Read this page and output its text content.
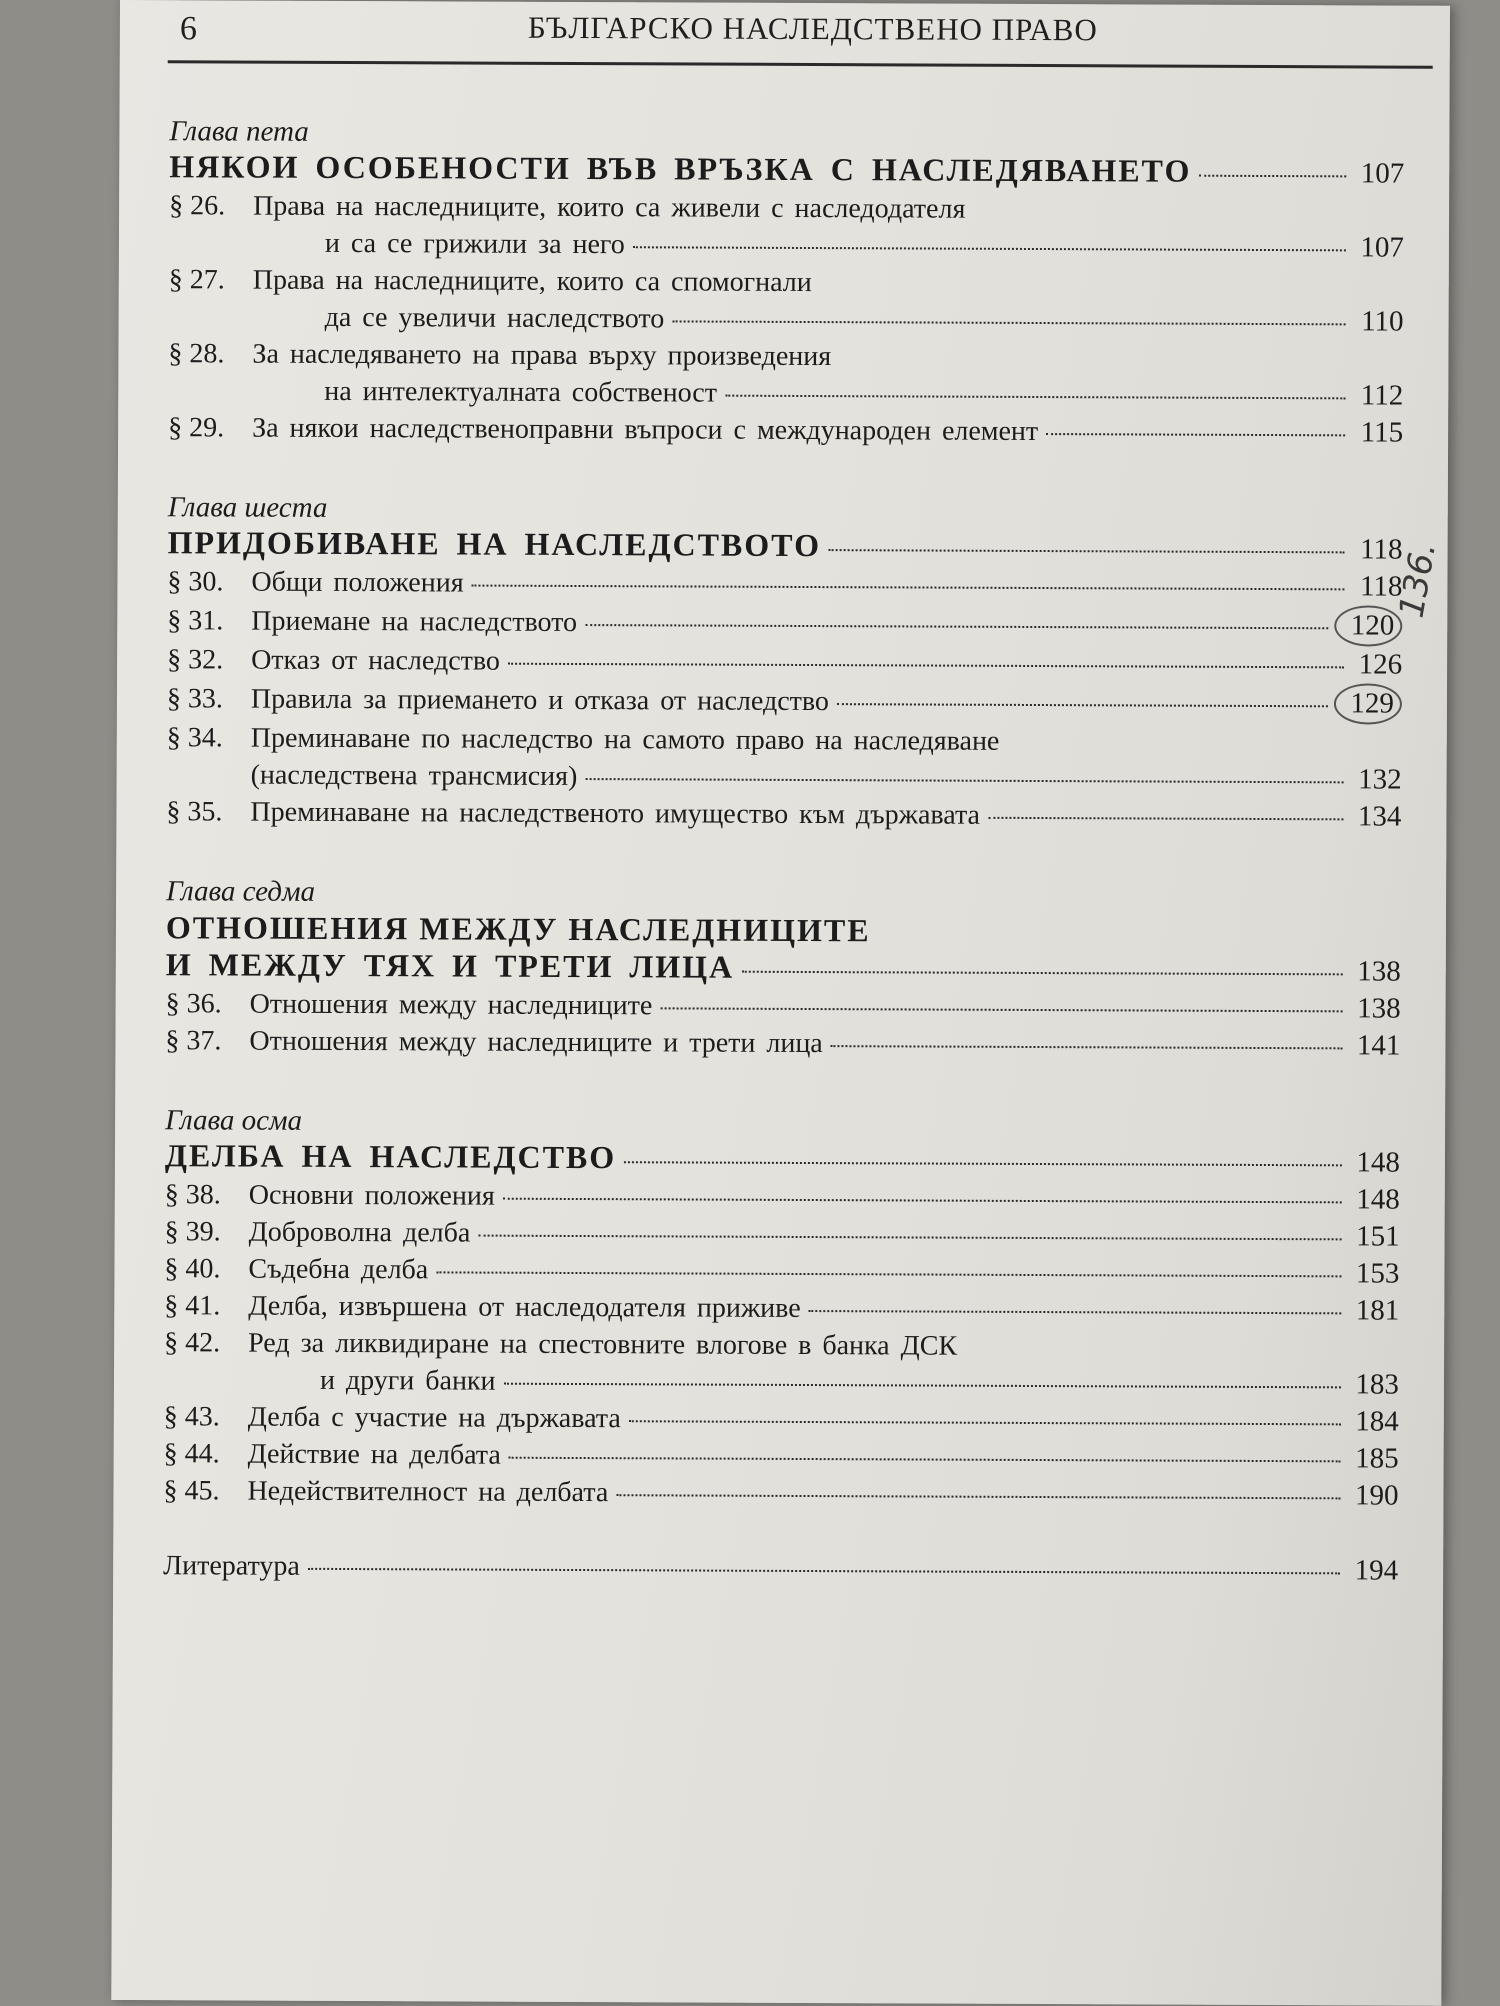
6	БЪЛГАРСКО НАСЛЕДСТВЕНО ПРАВО
Глава пета
НЯКОИ ОСОБЕНОСТИ ВЪВ ВРЪЗКА С НАСЛЕДЯВАНЕТО	107
§ 26. Права на наследниците, които са живели с наследодателя
и са се грижили за него	107
§ 27. Права на наследниците, които са спомогнали
да се увеличи наследството	110
§ 28. За наследяването на права върху произведения
на интелектуалната собственост	112
§ 29. За някои наследственоправни въпроси с международен елемент	115
Глава шеста
ПРИДОБИВАНЕ НА НАСЛЕДСТВОТО	118
§ 30. Общи положения	118
§ 31. Приемане на наследството	120
§ 32. Отказ от наследство	126
§ 33. Правила за приемането и отказа от наследство	129
§ 34. Преминаване по наследство на самото право на наследяване
(наследствена трансмисия)	132
§ 35. Преминаване на наследственото имущество към държавата	134
Глава седма
ОТНОШЕНИЯ МЕЖДУ НАСЛЕДНИЦИТЕ
И МЕЖДУ ТЯХ И ТРЕТИ ЛИЦА	138
§ 36. Отношения между наследниците	138
§ 37. Отношения между наследниците и трети лица	141
Глава осма
ДЕЛБА НА НАСЛЕДСТВО	148
§ 38. Основни положения	148
§ 39. Доброволна делба	151
§ 40. Съдебна делба	153
§ 41. Делба, извършена от наследодателя приживе	181
§ 42. Ред за ликвидиране на спестовните влогове в банка ДСК
и други банки	183
§ 43. Делба с участие на държавата	184
§ 44. Действие на делбата	185
§ 45. Недействителност на делбата	190
Литература	194
136.
